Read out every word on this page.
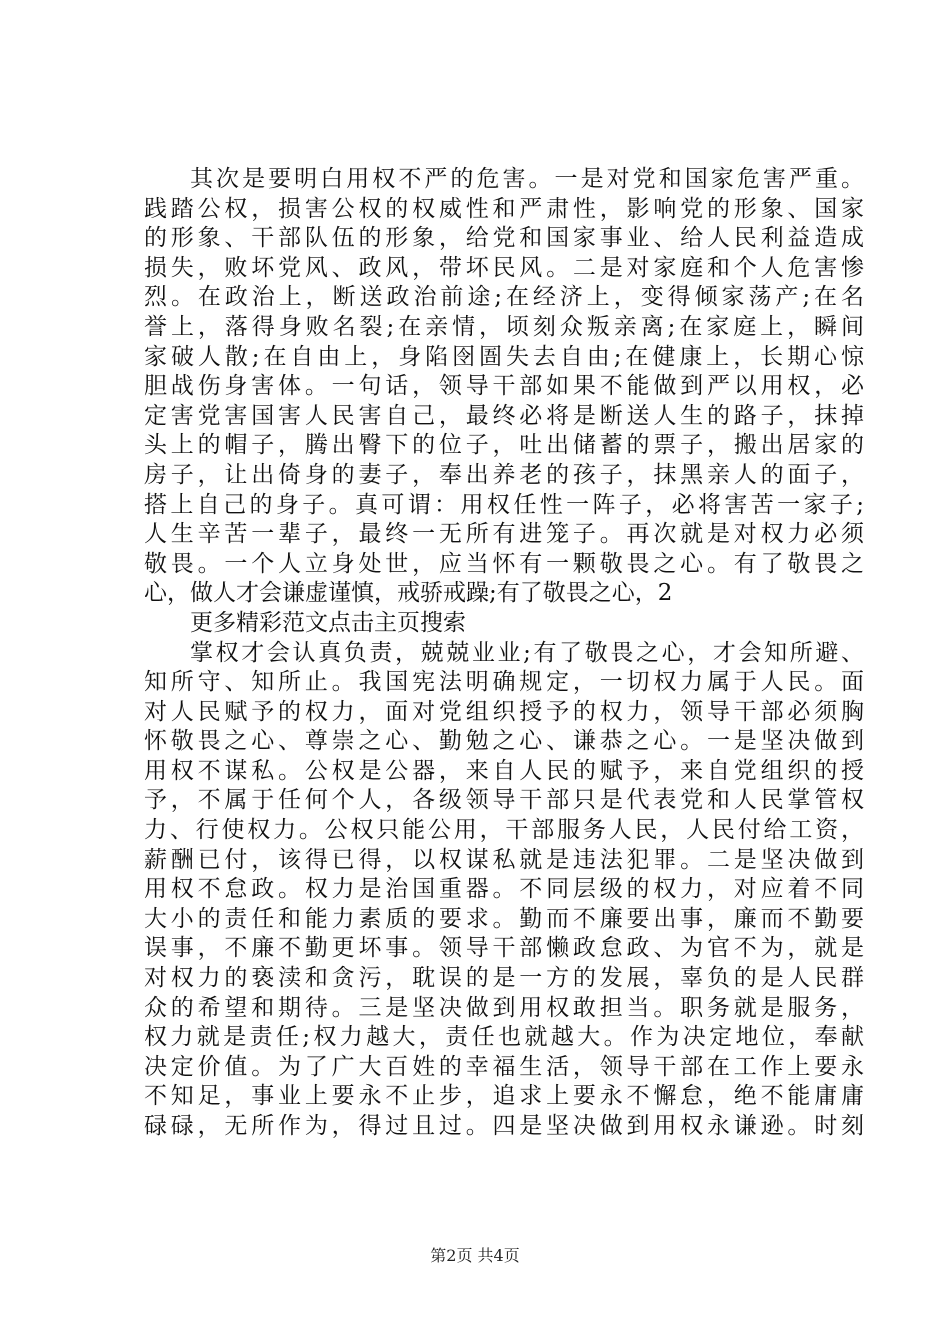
其次是要明白用权不严的危害。一是对党和国家危害严重。
践踏公权，损害公权的权威性和严肃性，影响党的形象、国家
的形象、干部队伍的形象，给党和国家事业、给人民利益造成
损失，败坏党风、政风，带坏民风。二是对家庭和个人危害惨
烈。在政治上，断送政治前途;在经济上，变得倾家荡产;在名
誉上，落得身败名裂;在亲情，顷刻众叛亲离;在家庭上，瞬间
家破人散;在自由上，身陷囹圄失去自由;在健康上，长期心惊
胆战伤身害体。一句话，领导干部如果不能做到严以用权，必
定害党害国害人民害自己，最终必将是断送人生的路子，抹掉
头上的帽子，腾出臀下的位子，吐出储蓄的票子，搬出居家的
房子，让出倚身的妻子，奉出养老的孩子，抹黑亲人的面子，
搭上自己的身子。真可谓：用权任性一阵子，必将害苦一家子;
人生辛苦一辈子，最终一无所有进笼子。再次就是对权力必须
敬畏。一个人立身处世，应当怀有一颗敬畏之心。有了敬畏之
心，做人才会谦虚谨慎，戒骄戒躁;有了敬畏之心，2
更多精彩范文点击主页搜索
掌权才会认真负责，兢兢业业;有了敬畏之心，才会知所避、
知所守、知所止。我国宪法明确规定，一切权力属于人民。面
对人民赋予的权力，面对党组织授予的权力，领导干部必须胸
怀敬畏之心、尊崇之心、勤勉之心、谦恭之心。一是坚决做到
用权不谋私。公权是公器，来自人民的赋予，来自党组织的授
予，不属于任何个人，各级领导干部只是代表党和人民掌管权
力、行使权力。公权只能公用，干部服务人民，人民付给工资，
薪酬已付，该得已得，以权谋私就是违法犯罪。二是坚决做到
用权不怠政。权力是治国重器。不同层级的权力，对应着不同
大小的责任和能力素质的要求。勤而不廉要出事，廉而不勤要
误事，不廉不勤更坏事。领导干部懒政怠政、为官不为，就是
对权力的亵渎和贪污，耽误的是一方的发展，辜负的是人民群
众的希望和期待。三是坚决做到用权敢担当。职务就是服务，
权力就是责任;权力越大，责任也就越大。作为决定地位，奉献
决定价值。为了广大百姓的幸福生活，领导干部在工作上要永
不知足，事业上要永不止步，追求上要永不懈怠，绝不能庸庸
碌碌，无所作为，得过且过。四是坚决做到用权永谦逊。时刻
第2页 共4页
